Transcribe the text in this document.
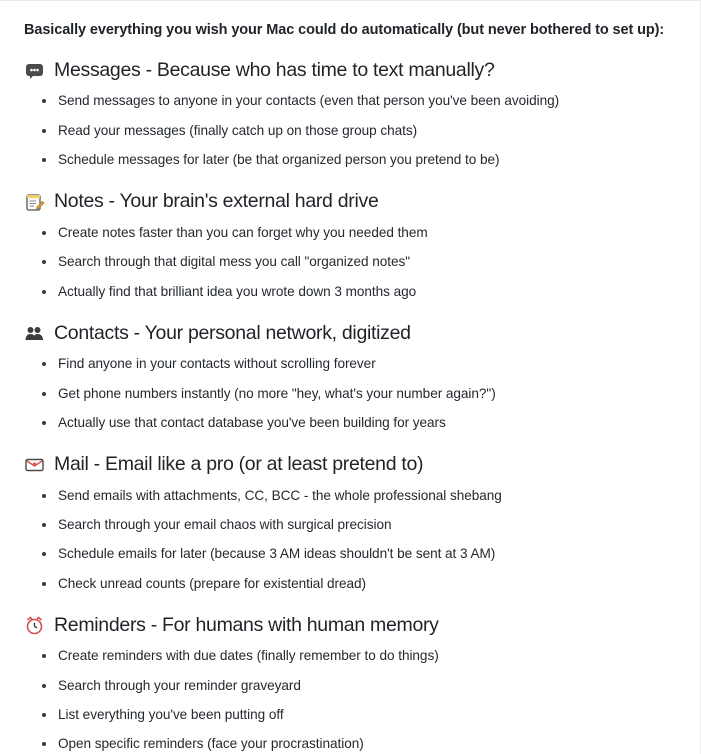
Basically everything you wish your Mac could do automatically (but never bothered to set up):

Messages - Because who has time to text manually?
Send messages to anyone in your contacts (even that person you've been avoiding)
Read your messages (finally catch up on those group chats)
Schedule messages for later (be that organized person you pretend to be)
Notes - Your brain's external hard drive
Create notes faster than you can forget why you needed them
Search through that digital mess you call "organized notes"
Actually find that brilliant idea you wrote down 3 months ago
Contacts - Your personal network, digitized
Find anyone in your contacts without scrolling forever
Get phone numbers instantly (no more "hey, what's your number again?")
Actually use that contact database you've been building for years
Mail - Email like a pro (or at least pretend to)
Send emails with attachments, CC, BCC - the whole professional shebang
Search through your email chaos with surgical precision
Schedule emails for later (because 3 AM ideas shouldn't be sent at 3 AM)
Check unread counts (prepare for existential dread)
Reminders - For humans with human memory
Create reminders with due dates (finally remember to do things)
Search through your reminder graveyard
List everything you've been putting off
Open specific reminders (face your procrastination)
